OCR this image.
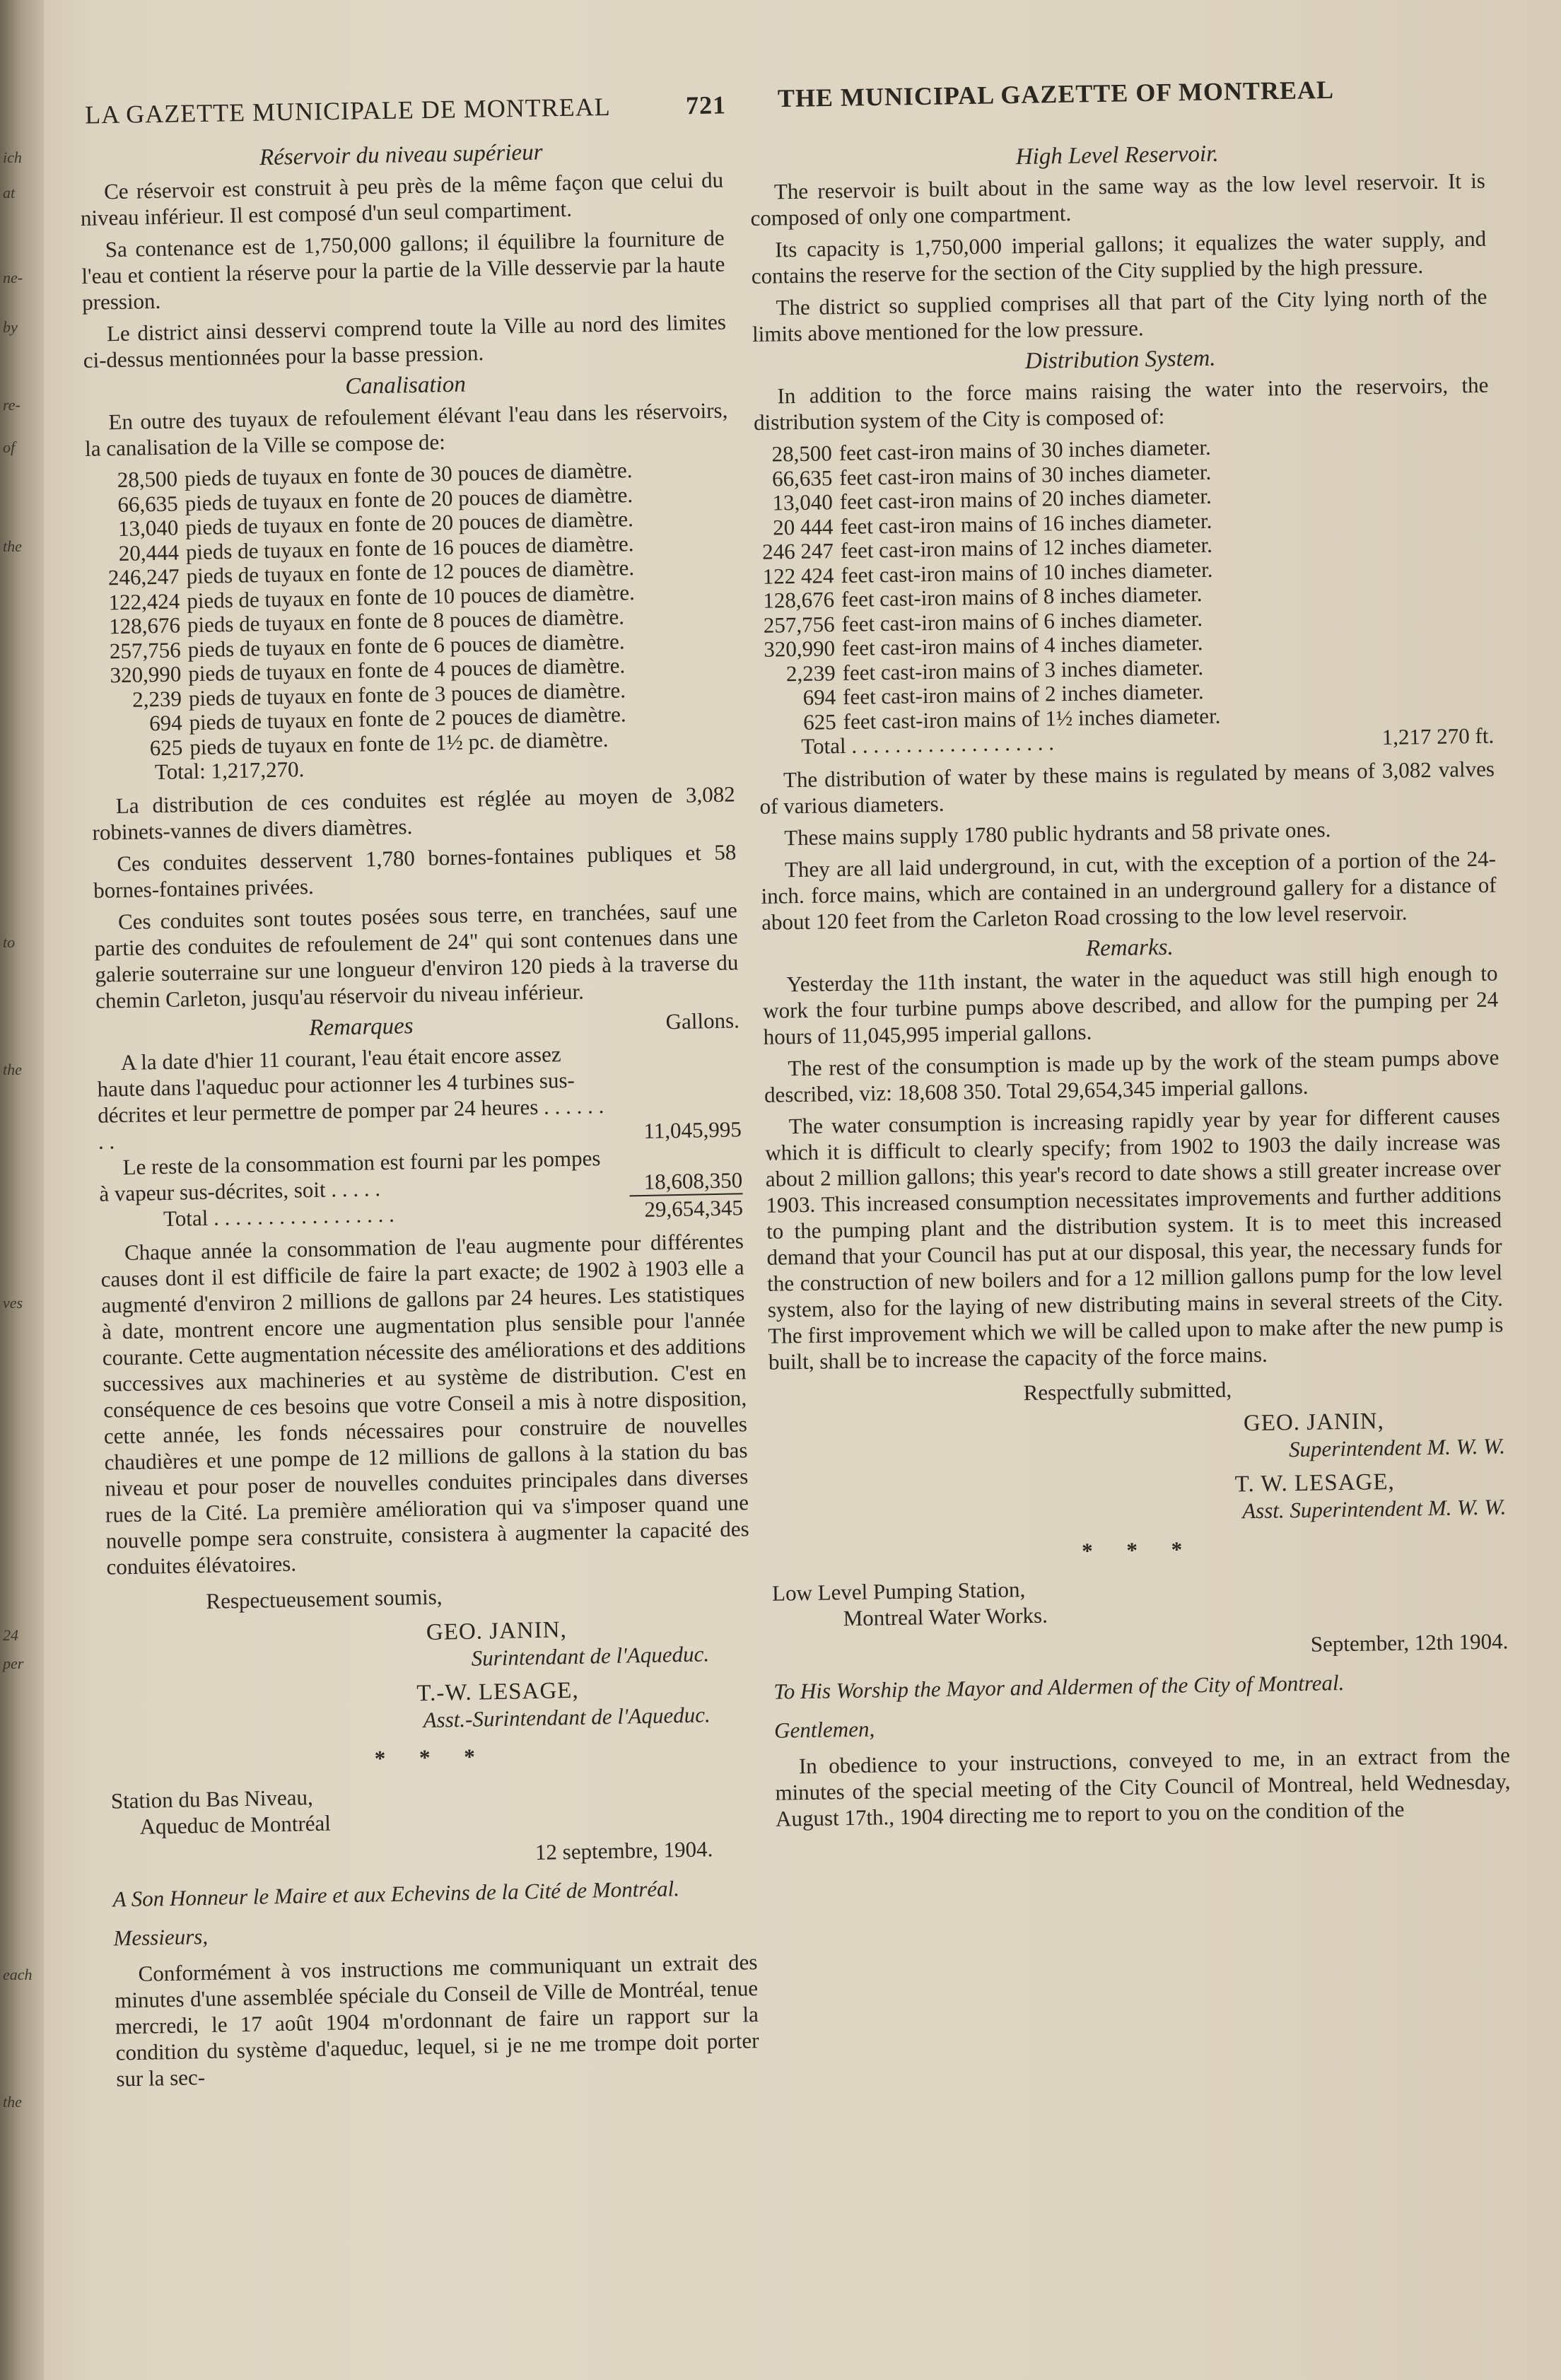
ich
at
ne-
by
re-
of
the
to
the
ves
24
per
each
the
LA GAZETTE MUNICIPALE DE MONTREAL	721 THE MUNICIPAL GAZETTE OF MONTREAL
Réservoir du niveau supérieur

Ce réservoir est construit à peu près de la même façon que celui du niveau inférieur. Il est composé d'un seul compartiment.

Sa contenance est de 1,750,000 gallons; il équilibre la fourniture de l'eau et contient la réserve pour la partie de la Ville desservie par la haute pression.

Le district ainsi desservi comprend toute la Ville au nord des limites ci-dessus mentionnées pour la basse pression.

Canalisation

En outre des tuyaux de refoulement élévant l'eau dans les réservoirs, la canalisation de la Ville se compose de:

28,500 pieds de tuyaux en fonte de 30 pouces de diamètre.
66,635 pieds de tuyaux en fonte de 20 pouces de diamètre.
13,040 pieds de tuyaux en fonte de 20 pouces de diamètre.
20,444 pieds de tuyaux en fonte de 16 pouces de diamètre.
246,247 pieds de tuyaux en fonte de 12 pouces de diamètre.
122,424 pieds de tuyaux en fonte de 10 pouces de diamètre.
128,676 pieds de tuyaux en fonte de 8 pouces de diamètre.
257,756 pieds de tuyaux en fonte de 6 pouces de diamètre.
320,990 pieds de tuyaux en fonte de 4 pouces de diamètre.
2,239 pieds de tuyaux en fonte de 3 pouces de diamètre.
694 pieds de tuyaux en fonte de 2 pouces de diamètre.
625 pieds de tuyaux en fonte de 1½ pc. de diamètre.
Total: 1,217,270.

La distribution de ces conduites est réglée au moyen de 3,082 robinets-vannes de divers diamètres.

Ces conduites desservent 1,780 bornes-fontaines publiques et 58 bornes-fontaines privées.

Ces conduites sont toutes posées sous terre, en tranchées, sauf une partie des conduites de refoulement de 24" qui sont contenues dans une galerie souterraine sur une longueur d'environ 120 pieds à la traverse du chemin Carleton, jusqu'au réservoir du niveau inférieur.

Remarques	Gallons.
A la date d'hier 11 courant, l'eau était encore assez haute dans l'aqueduc pour actionner les 4 turbines sus-décrites et leur permettre de pomper par 24 heures . . . . . . . .	11,045,995
Le reste de la consommation est fourni par les pompes à vapeur sus-décrites, soit . . . . .	18,608,350
Total . . . . . . . . . . . . . . . . .	29,654,345

Chaque année la consommation de l'eau augmente pour différentes causes dont il est difficile de faire la part exacte; de 1902 à 1903 elle a augmenté d'environ 2 millions de gallons par 24 heures. Les statistiques à date, montrent encore une augmentation plus sensible pour l'année courante. Cette augmentation nécessite des améliorations et des additions successives aux machineries et au système de distribution. C'est en conséquence de ces besoins que votre Conseil a mis à notre disposition, cette année, les fonds nécessaires pour construire de nouvelles chaudières et une pompe de 12 millions de gallons à la station du bas niveau et pour poser de nouvelles conduites principales dans diverses rues de la Cité. La première amélioration qui va s'imposer quand une nouvelle pompe sera construite, consistera à augmenter la capacité des conduites élévatoires.

Respectueusement soumis,
GEO. JANIN,
Surintendant de l'Aqueduc.
T.-W. LESAGE,
Asst.-Surintendant de l'Aqueduc.
* * *
Station du Bas Niveau,
Aqueduc de Montréal
12 septembre, 1904.

A Son Honneur le Maire et aux Echevins de la Cité de Montréal.

Messieurs,

Conformément à vos instructions me communiquant un extrait des minutes d'une assemblée spéciale du Conseil de Ville de Montréal, tenue mercredi, le 17 août 1904 m'ordonnant de faire un rapport sur la condition du système d'aqueduc, lequel, si je ne me trompe doit porter sur la sec-

High Level Reservoir.

The reservoir is built about in the same way as the low level reservoir. It is composed of only one compartment.

Its capacity is 1,750,000 imperial gallons; it equalizes the water supply, and contains the reserve for the section of the City supplied by the high pressure.

The district so supplied comprises all that part of the City lying north of the limits above mentioned for the low pressure.

Distribution System.

In addition to the force mains raising the water into the reservoirs, the distribution system of the City is composed of:

28,500 feet cast-iron mains of 30 inches diameter.
66,635 feet cast-iron mains of 30 inches diameter.
13,040 feet cast-iron mains of 20 inches diameter.
20 444 feet cast-iron mains of 16 inches diameter.
246 247 feet cast-iron mains of 12 inches diameter.
122 424 feet cast-iron mains of 10 inches diameter.
128,676 feet cast-iron mains of 8 inches diameter.
257,756 feet cast-iron mains of 6 inches diameter.
320,990 feet cast-iron mains of 4 inches diameter.
2,239 feet cast-iron mains of 3 inches diameter.
694 feet cast-iron mains of 2 inches diameter.
625 feet cast-iron mains of 1½ inches diameter.
Total . . . . . . . . . . . . . . . . . . .	1,217 270 ft.

The distribution of water by these mains is regulated by means of 3,082 valves of various diameters.

These mains supply 1780 public hydrants and 58 private ones.

They are all laid underground, in cut, with the exception of a portion of the 24-inch. force mains, which are contained in an underground gallery for a distance of about 120 feet from the Carleton Road crossing to the low level reservoir.

Remarks.

Yesterday the 11th instant, the water in the aqueduct was still high enough to work the four turbine pumps above described, and allow for the pumping per 24 hours of 11,045,995 imperial gallons.

The rest of the consumption is made up by the work of the steam pumps above described, viz: 18,608 350. Total 29,654,345 imperial gallons.

The water consumption is increasing rapidly year by year for different causes which it is difficult to clearly specify; from 1902 to 1903 the daily increase was about 2 million gallons; this year's record to date shows a still greater increase over 1903. This increased consumption necessitates improvements and further additions to the pumping plant and the distribution system. It is to meet this increased demand that your Council has put at our disposal, this year, the necessary funds for the construction of new boilers and for a 12 million gallons pump for the low level system, also for the laying of new distributing mains in several streets of the City. The first improvement which we will be called upon to make after the new pump is built, shall be to increase the capacity of the force mains.

Respectfully submitted,
GEO. JANIN,
Superintendent M. W. W.
T. W. LESAGE,
Asst. Superintendent M. W. W.
* * *
Low Level Pumping Station,
Montreal Water Works.
September, 12th 1904.

To His Worship the Mayor and Aldermen of the City of Montreal.

Gentlemen,

In obedience to your instructions, conveyed to me, in an extract from the minutes of the special meeting of the City Council of Montreal, held Wednesday, August 17th., 1904 directing me to report to you on the condition of the
